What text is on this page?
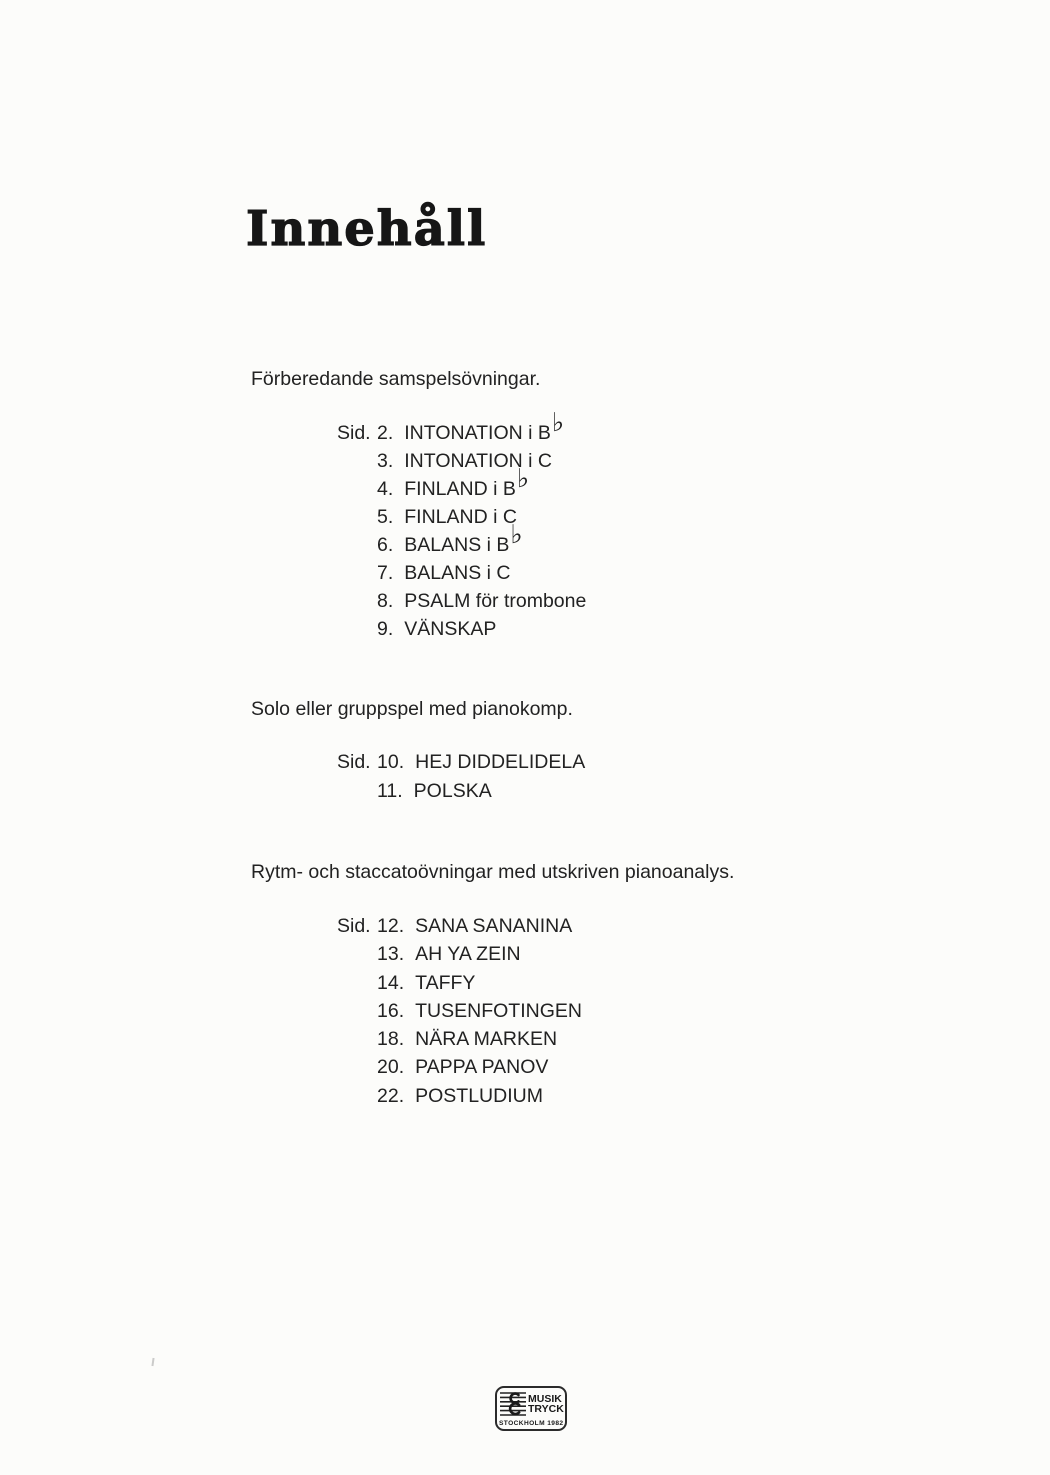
Innehåll
Förberedande samspelsövningar.
Sid. 2. INTONATION i B ♭
3. INTONATION i C
4. FINLAND i B ♭
5. FINLAND i C
6. BALANS i B ♭
7. BALANS i C
8. PSALM för trombone
9. VÄNSKAP
Solo eller gruppspel med pianokomp.
Sid. 10. HEJ DIDDELIDELA
11. POLSKA
Rytm- och staccatoövningar med utskriven pianoanalys.
Sid. 12. SANA SANANINA
13. AH YA ZEIN
14. TAFFY
16. TUSENFOTINGEN
18. NÄRA MARKEN
20. PAPPA PANOV
22. POSTLUDIUM
MUSIK
TRYCK
STOCKHOLM 1982
